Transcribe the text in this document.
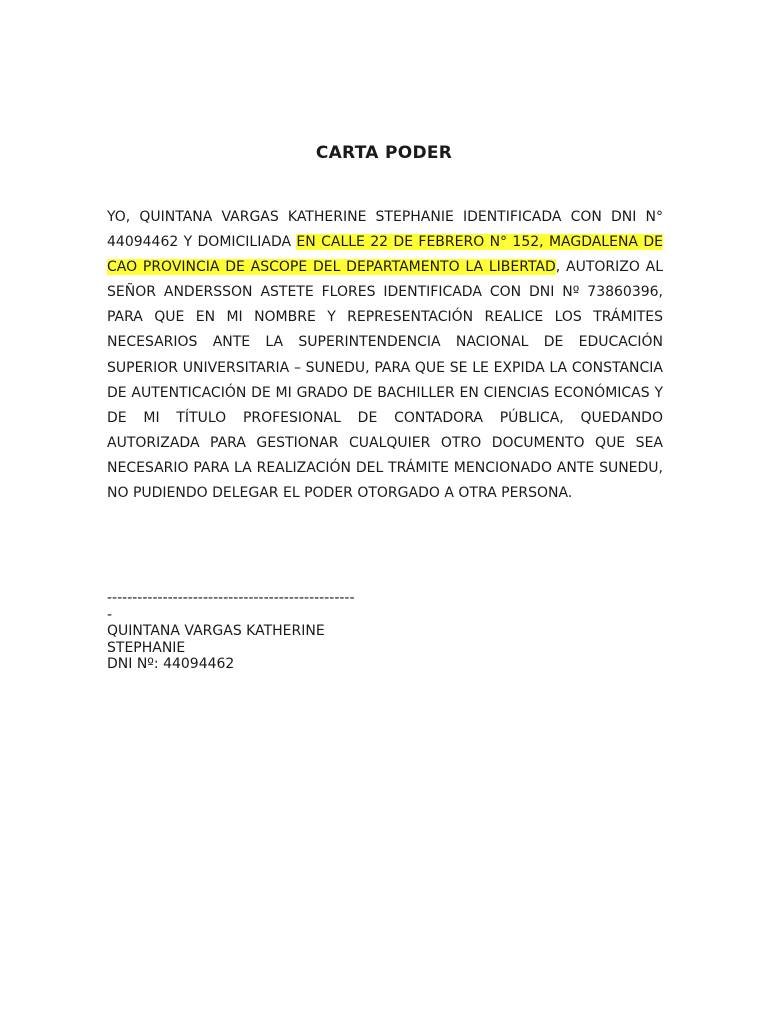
CARTA PODER

YO, QUINTANA VARGAS KATHERINE STEPHANIE IDENTIFICADA CON DNI N° 44094462 Y DOMICILIADA EN CALLE 22 DE FEBRERO N° 152, MAGDALENA DE CAO PROVINCIA DE ASCOPE DEL DEPARTAMENTO LA LIBERTAD, AUTORIZO AL SEÑOR ANDERSSON ASTETE FLORES IDENTIFICADA CON DNI Nº 73860396, PARA QUE EN MI NOMBRE Y REPRESENTACIÓN REALICE LOS TRÁMITES NECESARIOS ANTE LA SUPERINTENDENCIA NACIONAL DE EDUCACIÓN SUPERIOR UNIVERSITARIA – SUNEDU, PARA QUE SE LE EXPIDA LA CONSTANCIA DE AUTENTICACIÓN DE MI GRADO DE BACHILLER EN CIENCIAS ECONÓMICAS Y DE MI TÍTULO PROFESIONAL DE CONTADORA PÚBLICA, QUEDANDO AUTORIZADA PARA GESTIONAR CUALQUIER OTRO DOCUMENTO QUE SEA NECESARIO PARA LA REALIZACIÓN DEL TRÁMITE MENCIONADO ANTE SUNEDU, NO PUDIENDO DELEGAR EL PODER OTORGADO A OTRA PERSONA.

--------------------------------------------------
QUINTANA VARGAS KATHERINE STEPHANIE
DNI Nº: 44094462
